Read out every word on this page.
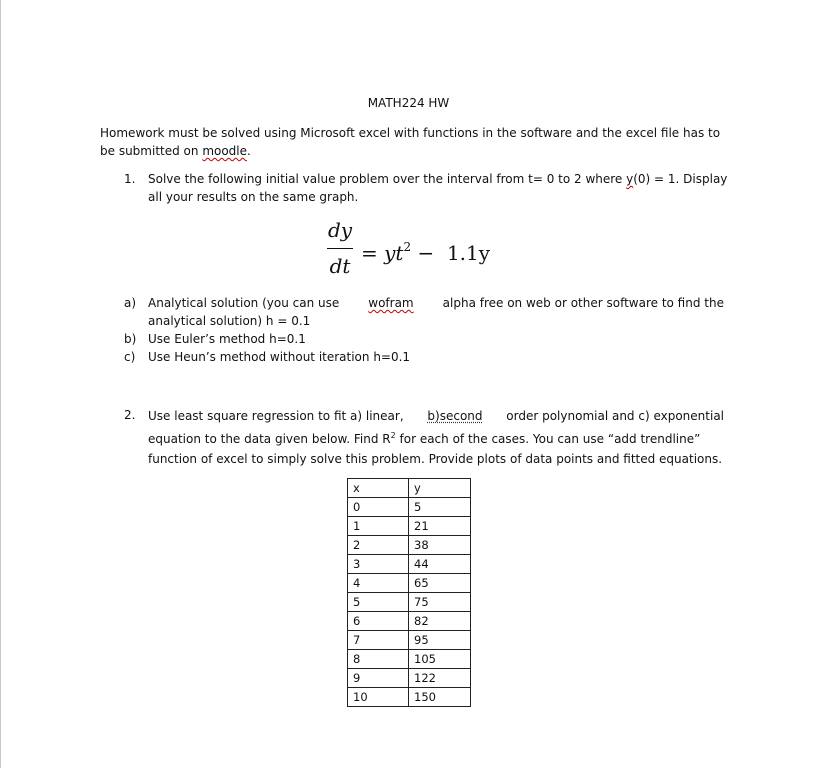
MATH224 HW
Homework must be solved using Microsoft excel with functions in the software and the excel file has to
be submitted on moodle.
1. Solve the following initial value problem over the interval from t= 0 to 2 where y(0) = 1. Display
all your results on the same graph.
dy
dt
= $yt^2 - 1.1y$
a) Analytical solution (you can use wofram alpha free on web or other software to find the
analytical solution) h = 0.1
b) Use Euler’s method h=0.1
c) Use Heun’s method without iteration h=0.1
2. Use least square regression to fit a) linear, b)second order polynomial and c) exponential
equation to the data given below. Find $R^2$ for each of the cases. You can use “add trendline”
function of excel to simply solve this problem. Provide plots of data points and fitted equations.
x	y
0	5
1	21
2	38
3	44
4	65
5	75
6	82
7	95
8	105
9	122
10	150
